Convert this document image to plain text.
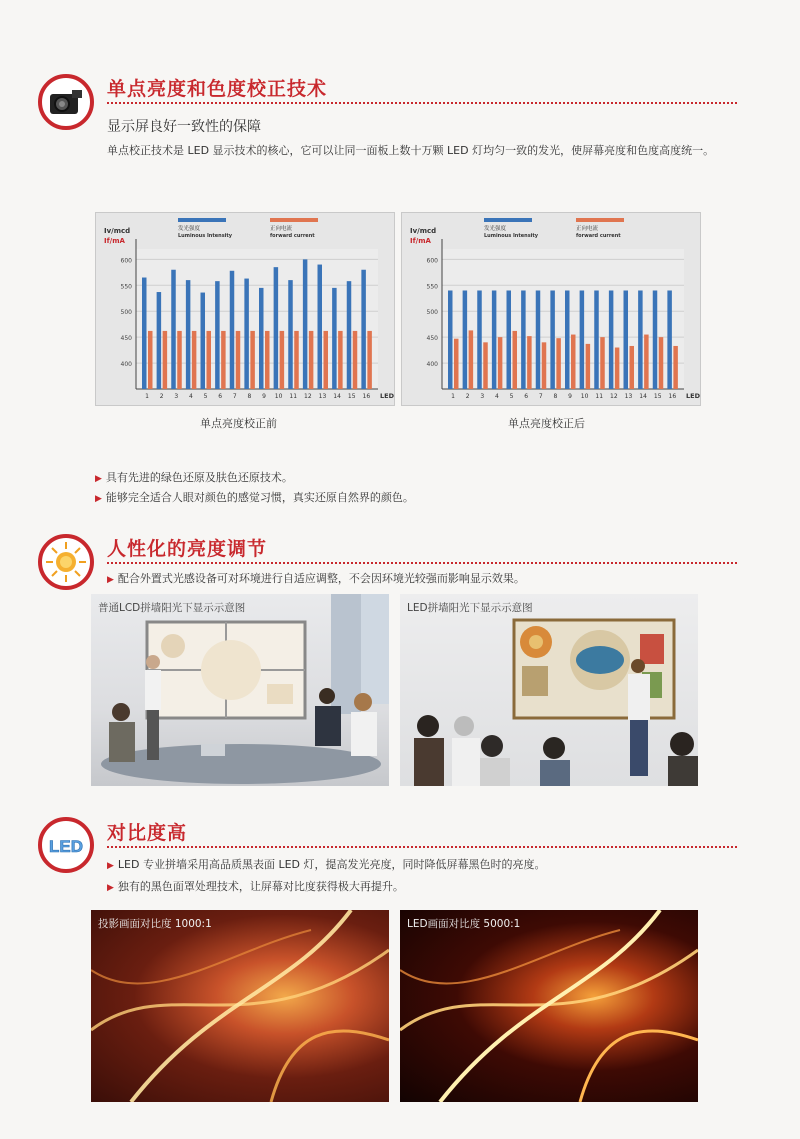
单点亮度和色度校正技术
显示屏良好一致性的保障
单点校正技术是 LED 显示技术的核心，它可以让同一面板上数十万颗 LED 灯均匀一致的发光，使屏幕亮度和色度高度统一。
600
550
500
450
400
Iv/mcd
If/mA
发光强度
Luminous Intensity
正向电流
forward current
1 2 3 4 5 6 7 8 9 10 11 12 13 14 15 16 LED
单点亮度校正前
600
550
500
450
400
Iv/mcd
If/mA
发光强度
Luminous Intensity
正向电流
forward current
1 2 3 4 5 6 7 8 9 10 11 12 13 14 15 16 LED
单点亮度校正后
▶ 具有先进的绿色还原及肤色还原技术。
▶ 能够完全适合人眼对颜色的感觉习惯，真实还原自然界的颜色。
人性化的亮度调节
▶ 配合外置式光感设备可对环境进行自适应调整，不会因环境光较强而影响显示效果。
普通LCD拼墙阳光下显示示意图	LED拼墙阳光下显示示意图
LED
对比度高
▶ LED 专业拼墙采用高品质黑表面 LED 灯，提高发光亮度，同时降低屏幕黑色时的亮度。
▶ 独有的黑色面罩处理技术，让屏幕对比度获得极大再提升。
投影画面对比度 1000:1	LED画面对比度 5000:1
